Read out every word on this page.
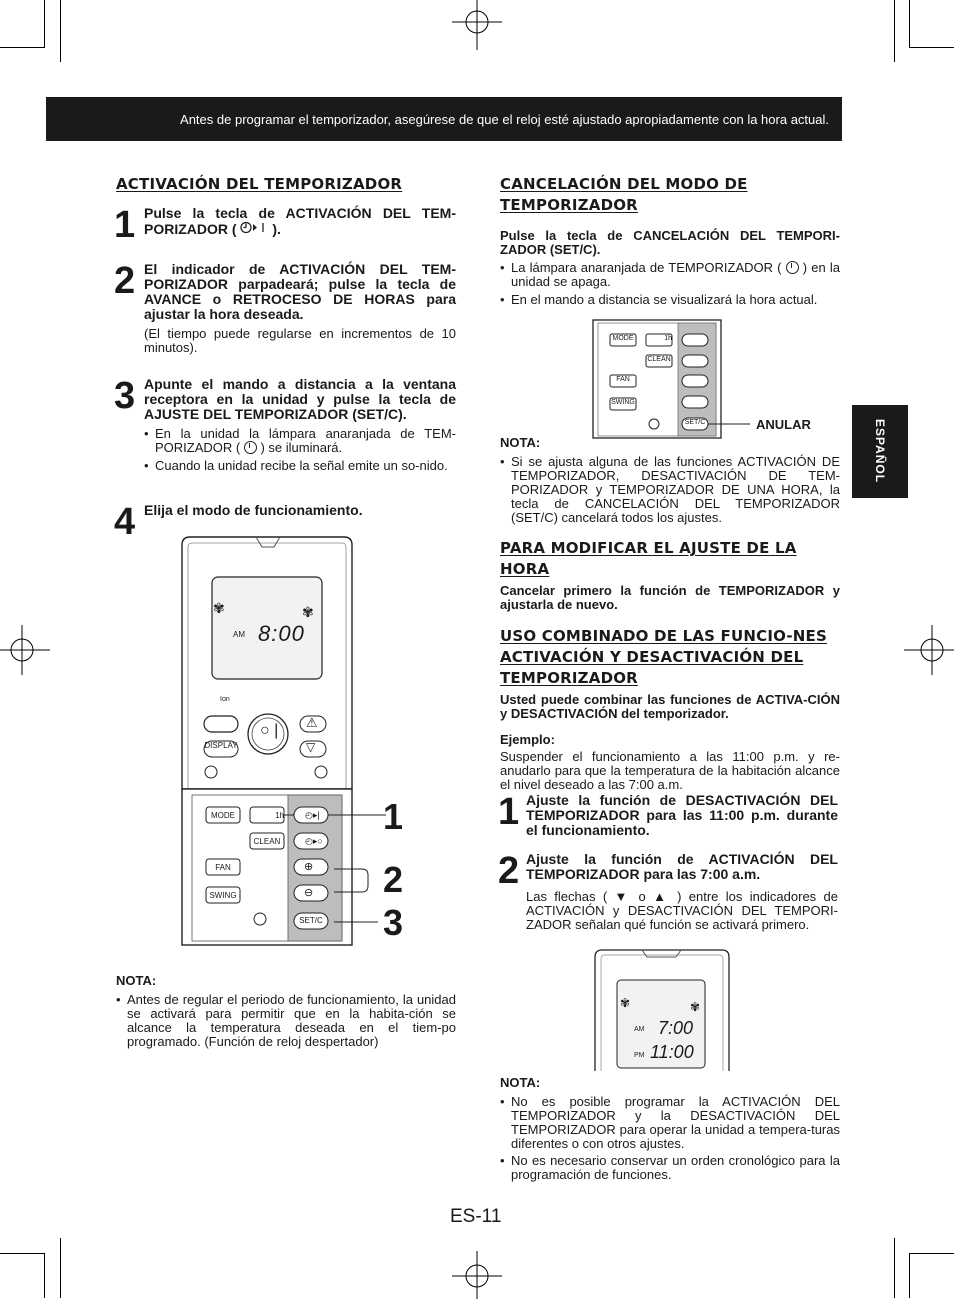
Antes de programar el temporizador, asegúrese de que el reloj esté ajustado apropiadamente con la hora actual.
ESPAÑOL
ACTIVACIÓN DEL TEMPORIZADOR
1 Pulse la tecla de ACTIVACIÓN DEL TEM-PORIZADOR (	).
2 El indicador de ACTIVACIÓN DEL TEM-PORIZADOR parpadeará; pulse la tecla de AVANCE o RETROCESO DE HORAS para ajustar la hora deseada.
(El tiempo puede regularse en incrementos de 10 minutos).
3 Apunte el mando a distancia a la ventana receptora en la unidad y pulse la tecla de AJUSTE DEL TEMPORIZADOR (SET/C).
• En la unidad la lámpara anaranjada de TEM-PORIZADOR ( ) se iluminará.
• Cuando la unidad recibe la señal emite un so-nido.
4 Elija el modo de funcionamiento.
✾	✾
AM 8:00
Ion
DISPLAY
○ | ⚠
▽
MODE	1h
CLEAN
FAN
SWING
◴▸|
◴▸○
⊕
⊖
SET/C
1
2
3
NOTA:
• Antes de regular el periodo de funcionamiento, la unidad se activará para permitir que en la habita-ción se alcance la temperatura deseada en el tiem-po programado. (Función de reloj despertador)
CANCELACIÓN DEL MODO DE TEMPORIZADOR
Pulse la tecla de CANCELACIÓN DEL TEMPORI-ZADOR (SET/C).
• La lámpara anaranjada de TEMPORIZADOR ( ) en la unidad se apaga.
• En el mando a distancia se visualizará la hora actual.
MODE	1h
CLEAN
FAN
SWING
SET/C	ANULAR
NOTA:
• Si se ajusta alguna de las funciones ACTIVACIÓN DE TEMPORIZADOR, DESACTIVACIÓN DE TEM-PORIZADOR y TEMPORIZADOR DE UNA HORA, la tecla de CANCELACIÓN DEL TEMPORIZADOR (SET/C) cancelará todos los ajustes.
PARA MODIFICAR EL AJUSTE DE LA HORA
Cancelar primero la función de TEMPORIZADOR y ajustarla de nuevo.
USO COMBINADO DE LAS FUNCIO-NES ACTIVACIÓN Y DESACTIVACIÓN DEL TEMPORIZADOR
Usted puede combinar las funciones de ACTIVA-CIÓN y DESACTIVACIÓN del temporizador.
Ejemplo:
Suspender el funcionamiento a las 11:00 p.m. y re-anudarlo para que la temperatura de la habitación alcance el nivel deseado a las 7:00 a.m.
1 Ajuste la función de DESACTIVACIÓN DEL TEMPORIZADOR para las 11:00 p.m. durante el funcionamiento.
2 Ajuste la función de ACTIVACIÓN DEL TEMPORIZADOR para las 7:00 a.m.
Las flechas ( ▼ o ▲ ) entre los indicadores de ACTIVACIÓN y DESACTIVACIÓN DEL TEMPORI-ZADOR señalan qué función se activará primero.
✾	✾
AM 7:00
PM 11:00
NOTA:
• No es posible programar la ACTIVACIÓN DEL TEMPORIZADOR y la DESACTIVACIÓN DEL TEMPORIZADOR para operar la unidad a tempera-turas diferentes o con otros ajustes.
• No es necesario conservar un orden cronológico para la programación de funciones.
ES-11
